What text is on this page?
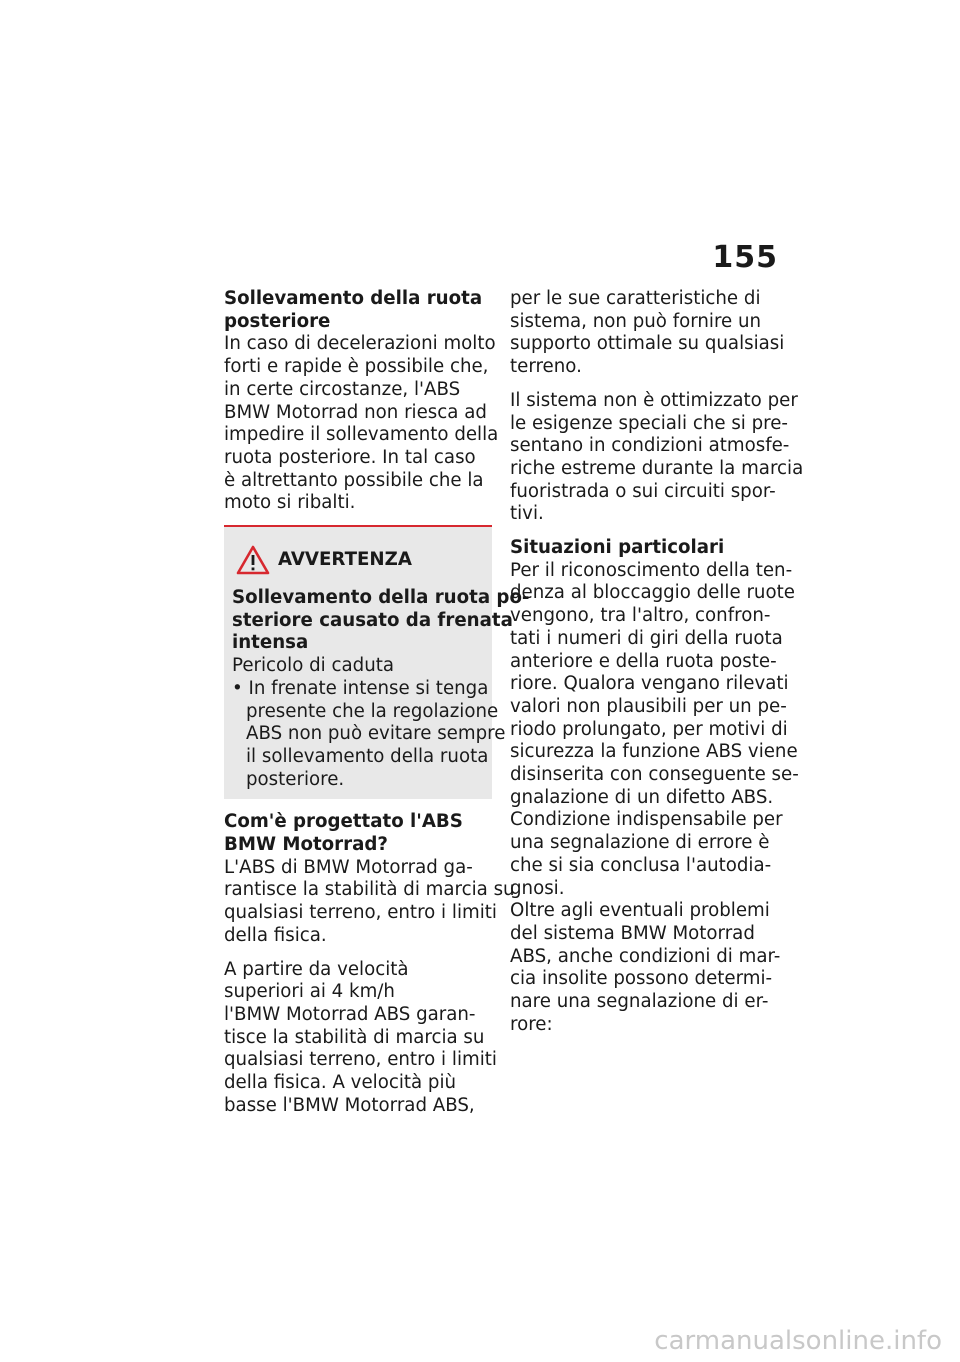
155
Sollevamento della ruota
posteriore
In caso di decelerazioni molto
forti e rapide è possibile che,
in certe circostanze, l'ABS
BMW Motorrad non riesca ad
impedire il sollevamento della
ruota posteriore. In tal caso
è altrettanto possibile che la
moto si ribalti.
AVVERTENZA
Sollevamento della ruota po-
steriore causato da frenata
intensa
Pericolo di caduta
• In frenate intense si tenga
presente che la regolazione
ABS non può evitare sempre
il sollevamento della ruota
posteriore.
Com'è progettato l'ABS
BMW Motorrad?
L'ABS di BMW Motorrad ga-
rantisce la stabilità di marcia su
qualsiasi terreno, entro i limiti
della fisica.
A partire da velocità
superiori ai 4 km/h
l'BMW Motorrad ABS garan-
tisce la stabilità di marcia su
qualsiasi terreno, entro i limiti
della fisica. A velocità più
basse l'BMW Motorrad ABS,
per le sue caratteristiche di
sistema, non può fornire un
supporto ottimale su qualsiasi
terreno.
Il sistema non è ottimizzato per
le esigenze speciali che si pre-
sentano in condizioni atmosfe-
riche estreme durante la marcia
fuoristrada o sui circuiti spor-
tivi.
Situazioni particolari
Per il riconoscimento della ten-
denza al bloccaggio delle ruote
vengono, tra l'altro, confron-
tati i numeri di giri della ruota
anteriore e della ruota poste-
riore. Qualora vengano rilevati
valori non plausibili per un pe-
riodo prolungato, per motivi di
sicurezza la funzione ABS viene
disinserita con conseguente se-
gnalazione di un difetto ABS.
Condizione indispensabile per
una segnalazione di errore è
che si sia conclusa l'autodia-
gnosi.
Oltre agli eventuali problemi
del sistema BMW Motorrad
ABS, anche condizioni di mar-
cia insolite possono determi-
nare una segnalazione di er-
rore:
carmanualsonline.info
